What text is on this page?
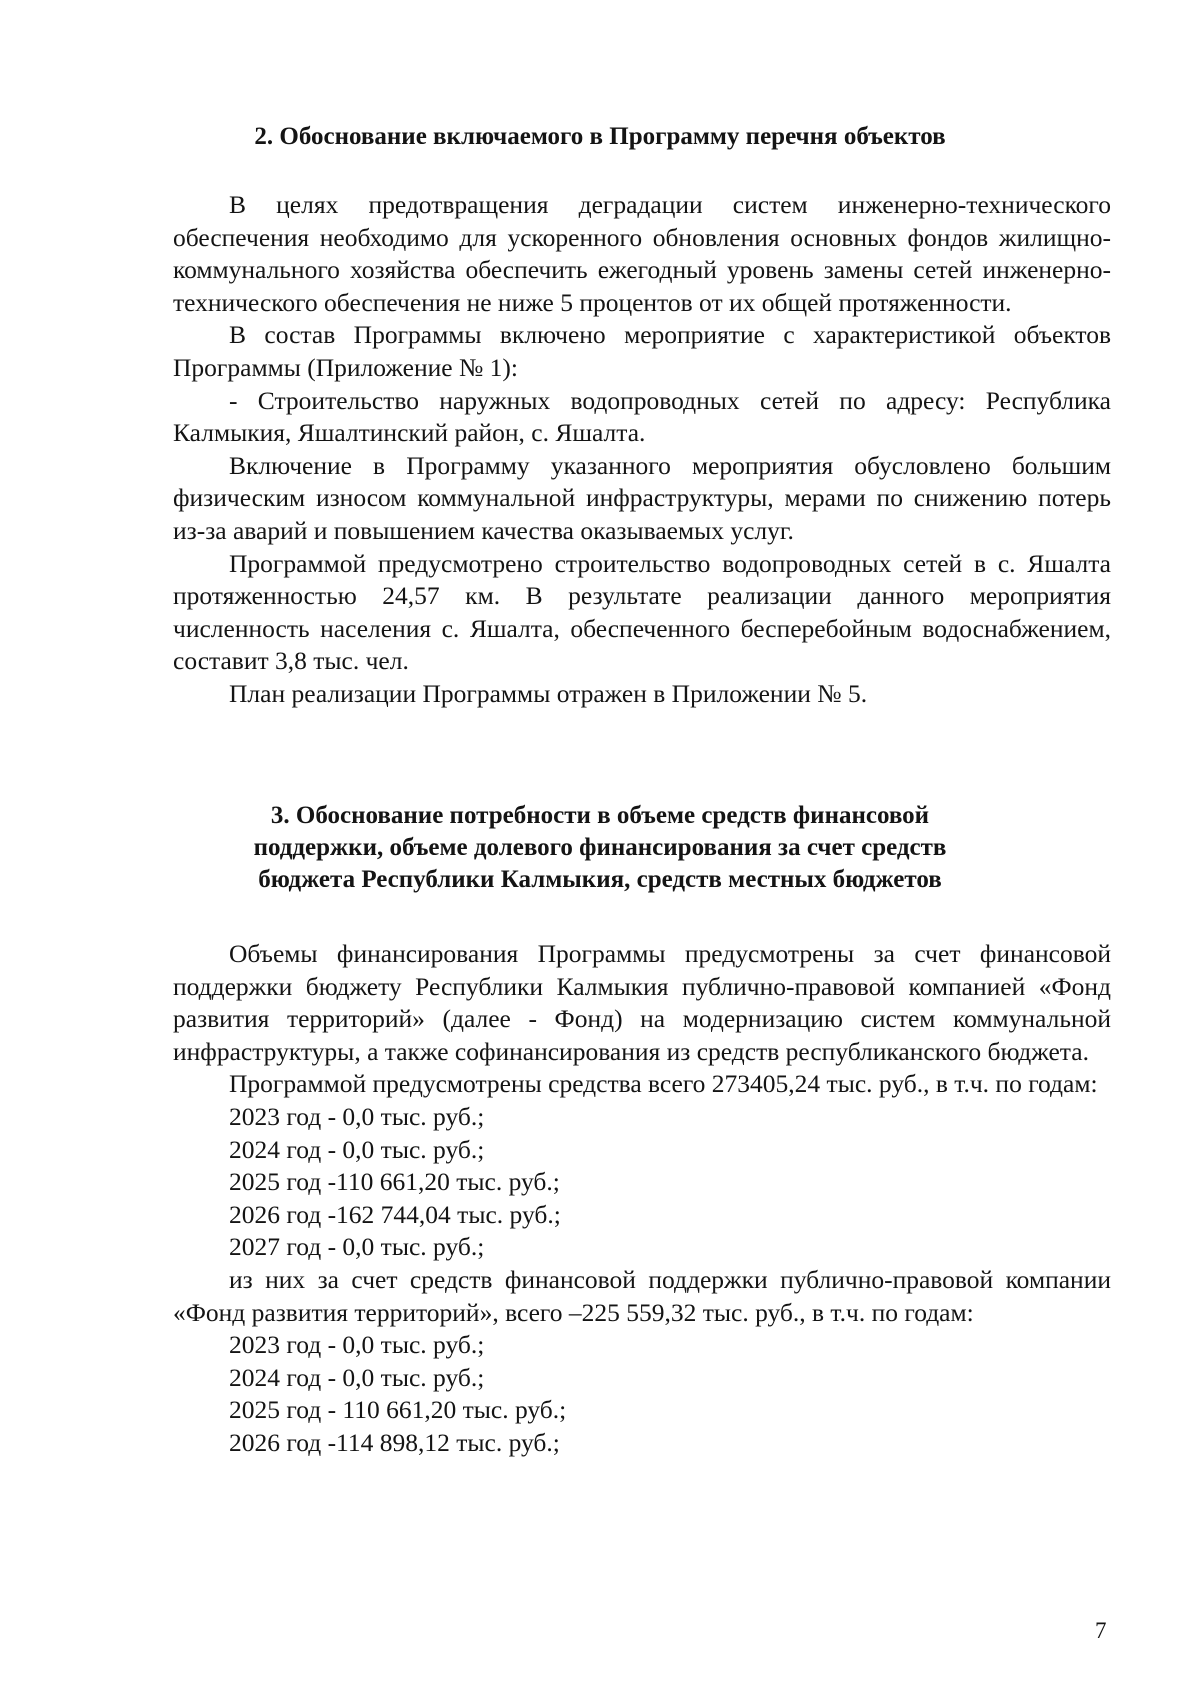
2. Обоснование включаемого в Программу перечня объектов

В целях предотвращения деградации систем инженерно-технического обеспечения необходимо для ускоренного обновления основных фондов жилищно-коммунального хозяйства обеспечить ежегодный уровень замены сетей инженерно-технического обеспечения не ниже 5 процентов от их общей протяженности.

В состав Программы включено мероприятие с характеристикой объектов Программы (Приложение № 1):

- Строительство наружных водопроводных сетей по адресу: Республика Калмыкия, Яшалтинский район, с. Яшалта.

Включение в Программу указанного мероприятия обусловлено большим физическим износом коммунальной инфраструктуры, мерами по снижению потерь из-за аварий и повышением качества оказываемых услуг.

Программой предусмотрено строительство водопроводных сетей в с. Яшалта протяженностью 24,57 км. В результате реализации данного мероприятия численность населения с. Яшалта, обеспеченного бесперебойным водоснабжением, составит 3,8 тыс. чел.

План реализации Программы отражен в Приложении № 5.

3. Обоснование потребности в объеме средств финансовой
поддержки, объеме долевого финансирования за счет средств
бюджета Республики Калмыкия, средств местных бюджетов

Объемы финансирования Программы предусмотрены за счет финансовой поддержки бюджету Республики Калмыкия публично-правовой компанией «Фонд развития территорий» (далее - Фонд) на модернизацию систем коммунальной инфраструктуры, а также софинансирования из средств республиканского бюджета.

Программой предусмотрены средства всего 273405,24 тыс. руб., в т.ч. по годам:

2023 год - 0,0 тыс. руб.;

2024 год - 0,0 тыс. руб.;

2025 год -110 661,20 тыс. руб.;

2026 год -162 744,04 тыс. руб.;

2027 год - 0,0 тыс. руб.;

из них за счет средств финансовой поддержки публично-правовой компании «Фонд развития территорий», всего –225 559,32 тыс. руб., в т.ч. по годам:

2023 год - 0,0 тыс. руб.;

2024 год - 0,0 тыс. руб.;

2025 год - 110 661,20 тыс. руб.;

2026 год -114 898,12 тыс. руб.;

7
